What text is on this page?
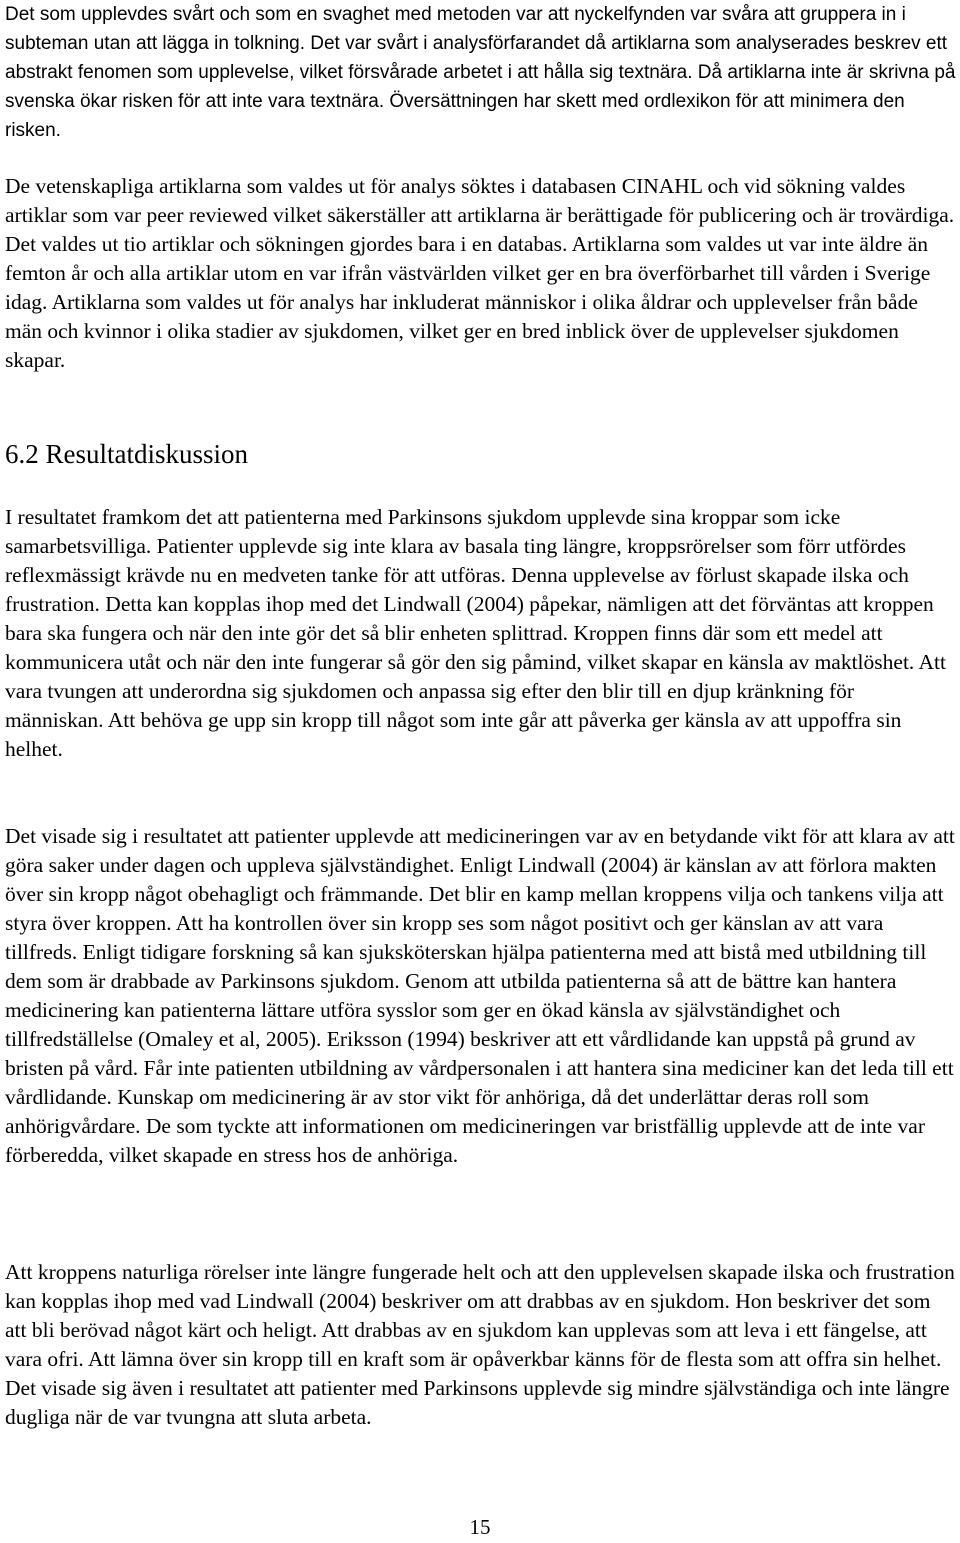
Det som upplevdes svårt och som en svaghet med metoden var att nyckelfynden var svåra att gruppera in i subteman utan att lägga in tolkning. Det var svårt i analysförfarandet då artiklarna som analyserades beskrev ett abstrakt fenomen som upplevelse, vilket försvårade arbetet i att hålla sig textnära. Då artiklarna inte är skrivna på svenska ökar risken för att inte vara textnära. Översättningen har skett med ordlexikon för att minimera den risken.

De vetenskapliga artiklarna som valdes ut för analys söktes i databasen CINAHL och vid sökning valdes artiklar som var peer reviewed vilket säkerställer att artiklarna är berättigade för publicering och är trovärdiga. Det valdes ut tio artiklar och sökningen gjordes bara i en databas. Artiklarna som valdes ut var inte äldre än femton år och alla artiklar utom en var ifrån västvärlden vilket ger en bra överförbarhet till vården i Sverige idag. Artiklarna som valdes ut för analys har inkluderat människor i olika åldrar och upplevelser från både män och kvinnor i olika stadier av sjukdomen, vilket ger en bred inblick över de upplevelser sjukdomen skapar.

6.2 Resultatdiskussion

I resultatet framkom det att patienterna med Parkinsons sjukdom upplevde sina kroppar som icke samarbetsvilliga. Patienter upplevde sig inte klara av basala ting längre, kroppsrörelser som förr utfördes reflexmässigt krävde nu en medveten tanke för att utföras. Denna upplevelse av förlust skapade ilska och frustration. Detta kan kopplas ihop med det Lindwall (2004) påpekar, nämligen att det förväntas att kroppen bara ska fungera och när den inte gör det så blir enheten splittrad. Kroppen finns där som ett medel att kommunicera utåt och när den inte fungerar så gör den sig påmind, vilket skapar en känsla av maktlöshet. Att vara tvungen att underordna sig sjukdomen och anpassa sig efter den blir till en djup kränkning för människan. Att behöva ge upp sin kropp till något som inte går att påverka ger känsla av att uppoffra sin helhet.

Det visade sig i resultatet att patienter upplevde att medicineringen var av en betydande vikt för att klara av att göra saker under dagen och uppleva självständighet. Enligt Lindwall (2004) är känslan av att förlora makten över sin kropp något obehagligt och främmande. Det blir en kamp mellan kroppens vilja och tankens vilja att styra över kroppen. Att ha kontrollen över sin kropp ses som något positivt och ger känslan av att vara tillfreds. Enligt tidigare forskning så kan sjuksköterskan hjälpa patienterna med att bistå med utbildning till dem som är drabbade av Parkinsons sjukdom. Genom att utbilda patienterna så att de bättre kan hantera medicinering kan patienterna lättare utföra sysslor som ger en ökad känsla av självständighet och tillfredställelse (Omaley et al, 2005). Eriksson (1994) beskriver att ett vårdlidande kan uppstå på grund av bristen på vård. Får inte patienten utbildning av vårdpersonalen i att hantera sina mediciner kan det leda till ett vårdlidande. Kunskap om medicinering är av stor vikt för anhöriga, då det underlättar deras roll som anhörigvårdare. De som tyckte att informationen om medicineringen var bristfällig upplevde att de inte var förberedda, vilket skapade en stress hos de anhöriga.

Att kroppens naturliga rörelser inte längre fungerade helt och att den upplevelsen skapade ilska och frustration kan kopplas ihop med vad Lindwall (2004) beskriver om att drabbas av en sjukdom. Hon beskriver det som att bli berövad något kärt och heligt. Att drabbas av en sjukdom kan upplevas som att leva i ett fängelse, att vara ofri. Att lämna över sin kropp till en kraft som är opåverkbar känns för de flesta som att offra sin helhet. Det visade sig även i resultatet att patienter med Parkinsons upplevde sig mindre självständiga och inte längre dugliga när de var tvungna att sluta arbeta.

15
